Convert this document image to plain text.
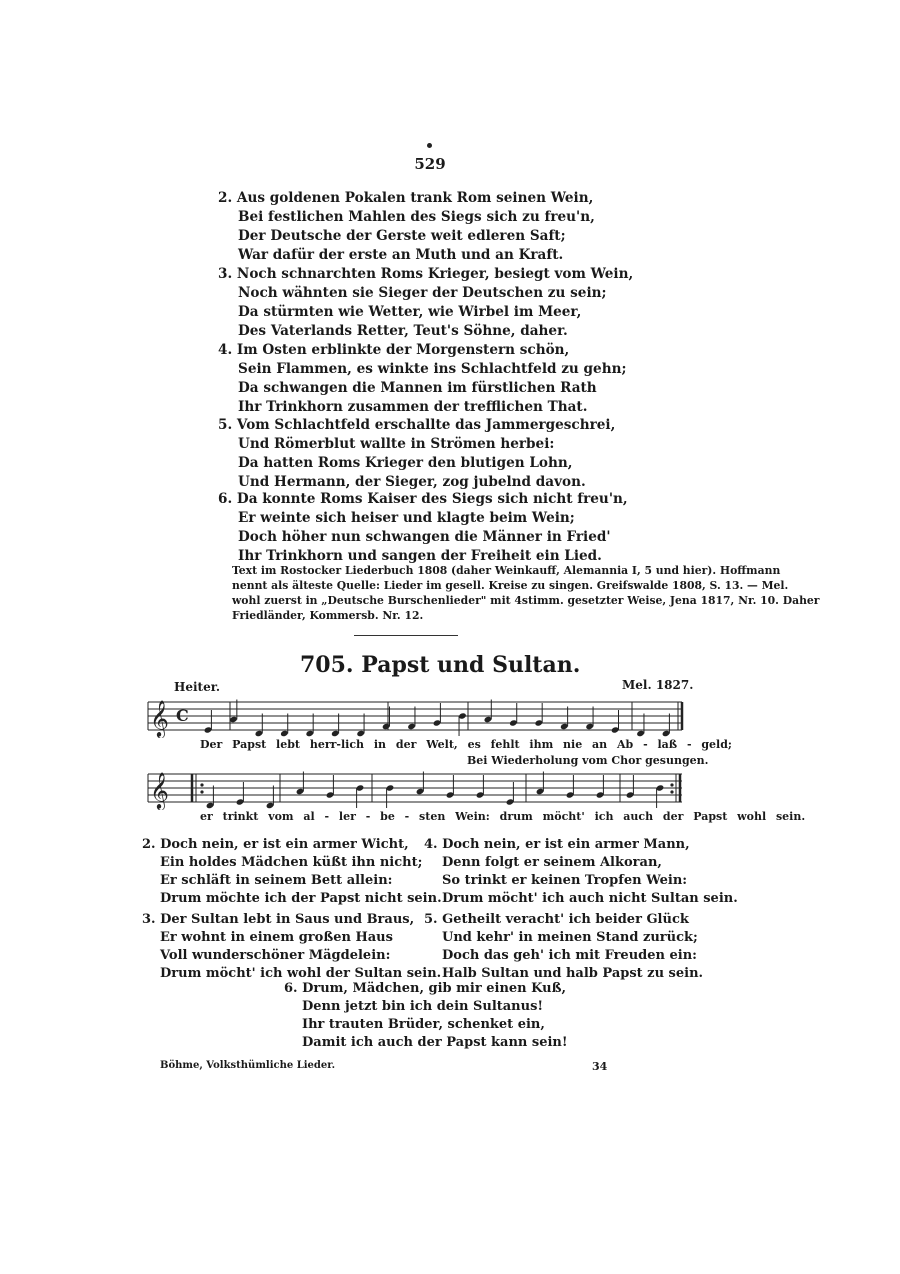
529
2. Aus goldenen Pokalen trank Rom seinen Wein,
Bei festlichen Mahlen des Siegs sich zu freu'n,
Der Deutsche der Gerste weit edleren Saft;
War dafür der erste an Muth und an Kraft.
3. Noch schnarchten Roms Krieger, besiegt vom Wein,
Noch wähnten sie Sieger der Deutschen zu sein;
Da stürmten wie Wetter, wie Wirbel im Meer,
Des Vaterlands Retter, Teut's Söhne, daher.
4. Im Osten erblinkte der Morgenstern schön,
Sein Flammen, es winkte ins Schlachtfeld zu gehn;
Da schwangen die Mannen im fürstlichen Rath
Ihr Trinkhorn zusammen der trefflichen That.
5. Vom Schlachtfeld erschallte das Jammergeschrei,
Und Römerblut wallte in Strömen herbei:
Da hatten Roms Krieger den blutigen Lohn,
Und Hermann, der Sieger, zog jubelnd davon.
6. Da konnte Roms Kaiser des Siegs sich nicht freu'n,
Er weinte sich heiser und klagte beim Wein;
Doch höher nun schwangen die Männer in Fried'
Ihr Trinkhorn und sangen der Freiheit ein Lied.
Text im Rostocker Liederbuch 1808 (daher Weinkauff, Alemannia I, 5 und hier). Hoffmann
nennt als älteste Quelle: Lieder im gesell. Kreise zu singen. Greifswalde 1808, S. 13. — Mel.
wohl zuerst in „Deutsche Burschenlieder" mit 4stimm. gesetzter Weise, Jena 1817, Nr. 10. Daher
Friedländer, Kommersb. Nr. 12.
705. Papst und Sultan.
Heiter.	Mel. 1827.
𝄞 C
Der Papst lebt herr-lich in der Welt, es fehlt ihm nie an Ab - laß - geld;
Bei Wiederholung vom Chor gesungen.
𝄞
er trinkt vom al - ler - be - sten Wein: drum möcht' ich auch der Papst wohl sein.
2. Doch nein, er ist ein armer Wicht,
Ein holdes Mädchen küßt ihn nicht;
Er schläft in seinem Bett allein:
Drum möchte ich der Papst nicht sein.
3. Der Sultan lebt in Saus und Braus,
Er wohnt in einem großen Haus
Voll wunderschöner Mägdelein:
Drum möcht' ich wohl der Sultan sein.
4. Doch nein, er ist ein armer Mann,
Denn folgt er seinem Alkoran,
So trinkt er keinen Tropfen Wein:
Drum möcht' ich auch nicht Sultan sein.
5. Getheilt veracht' ich beider Glück
Und kehr' in meinen Stand zurück;
Doch das geh' ich mit Freuden ein:
Halb Sultan und halb Papst zu sein.
6. Drum, Mädchen, gib mir einen Kuß,
Denn jetzt bin ich dein Sultanus!
Ihr trauten Brüder, schenket ein,
Damit ich auch der Papst kann sein!
Böhme, Volksthümliche Lieder.	34
